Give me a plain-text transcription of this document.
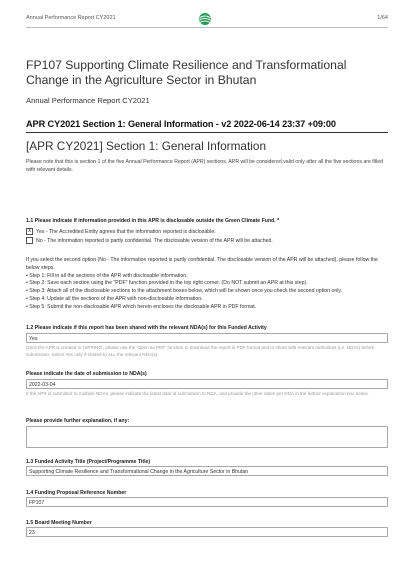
Annual Performance Report CY2021	1/64
FP107 Supporting Climate Resilience and Transformational Change in the Agriculture Sector in Bhutan
Annual Performance Report CY2021
APR CY2021 Section 1: General Information - v2 2022-06-14 23:37 +09:00
[APR CY2021] Section 1: General Information
Please note that this is section 1 of the five Annual Performance Report (APR) sections. APR will be considered valid only after all the five sections are filled with relevant details.
1.1 Please indicate if information provided in this APR is disclosable outside the Green Climate Fund. *
X Yes - The Accredited Entity agrees that the information reported is disclosable.
No - The information reported is partly confidential. The disclosable version of the APR will be attached.
If you select the second option (No - The information reported is partly confidential. The disclosable version of the APR will be attached), please follow the below steps.
• Step 1: Fill in all the sections of the APR with disclosable information.
• Step 2: Save each section using the "PDF" function provided in the top right corner. (Do NOT submit an APR at this step).
• Step 3: Attach all of the disclosable sections to the attachment boxes below, which will be shown once you check the second option only.
• Step 4: Update all the sections of the APR with non-disclosable information.
• Step 5: Submit the non-disclosable APR which herein encloses the disclosable APR in PDF format.
1.2 Please indicate if this report has been shared with the relevant NDA(s) for this Funded Activity
Yes
Once the APR is created in 'iSPRING', please use the 'Open as PDF' function to download the report in PDF format and to share with relevant authorities (i.e. NDAs) before submission. Select Yes only if shared to ALL the relevant NDA(s).
Please indicate the date of submission to NDA(s)
2022-03-04
If the APR is submitted to multiple NDAs, please indicate the latest date of submission to NDA, and provide the other dates per NDA in the further explanation box below.
Please provide further explanation, if any:
1.3 Funded Activity Title (Project/Programme Title)
Supporting Climate Resilience and Transformational Change in the Agriculture Sector in Bhutan
1.4 Funding Proposal Reference Number
FP107
1.5 Board Meeting Number
23
